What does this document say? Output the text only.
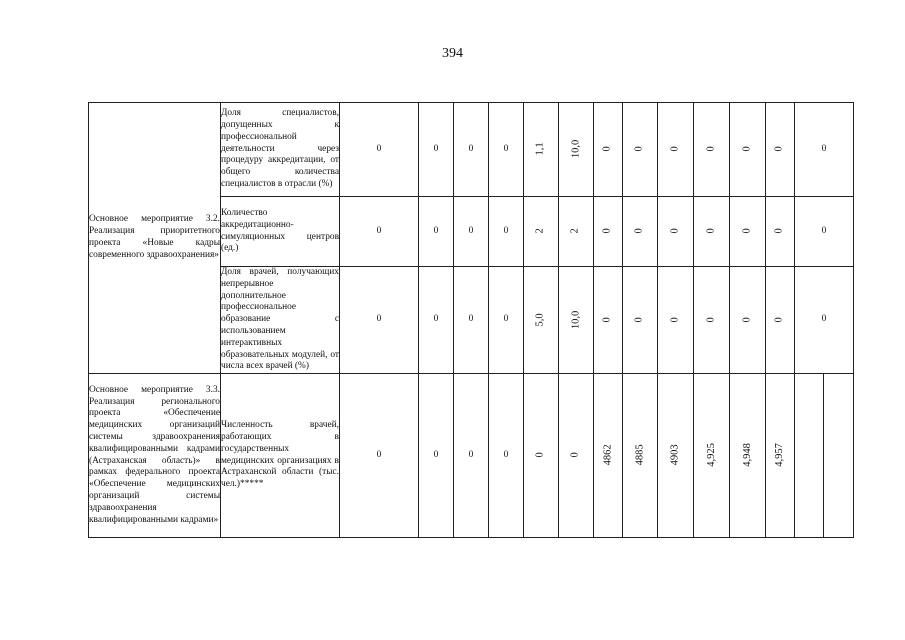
394
Основное мероприятие 3.2. Реализация приоритетного проекта «Новые кадры современного здравоохранения»	Доля специалистов, допущенных к профессиональной деятельности через процедуру аккредитации, от общего количества специалистов в отрасли (%)	0	0	0	0	1,1	10,0	0	0	0	0	0	0	0	
	Количество аккредитационно-симуляционных центров (ед.)	0	0	0	0	2	2	0	0	0	0	0	0	0	
	Доля врачей, получающих непрерывное дополнительное профессиональное образование с использованием интерактивных образовательных модулей, от числа всех врачей (%)	0	0	0	0	5,0	10,0	0	0	0	0	0	0	0	
Основное мероприятие 3.3. Реализация регионального проекта «Обеспечение медицинских организаций системы здравоохранения квалифицированными кадрами (Астраханская область)» в рамках федерального проекта «Обеспечение медицинских организаций системы здравоохранения квалифицированными кадрами»	Численность врачей, работающих в государственных медицинских организациях в Астраханской области (тыс. чел.)*****	0	0	0	0	0	0	4862	4885	4903	4,925	4,948	4,957		
